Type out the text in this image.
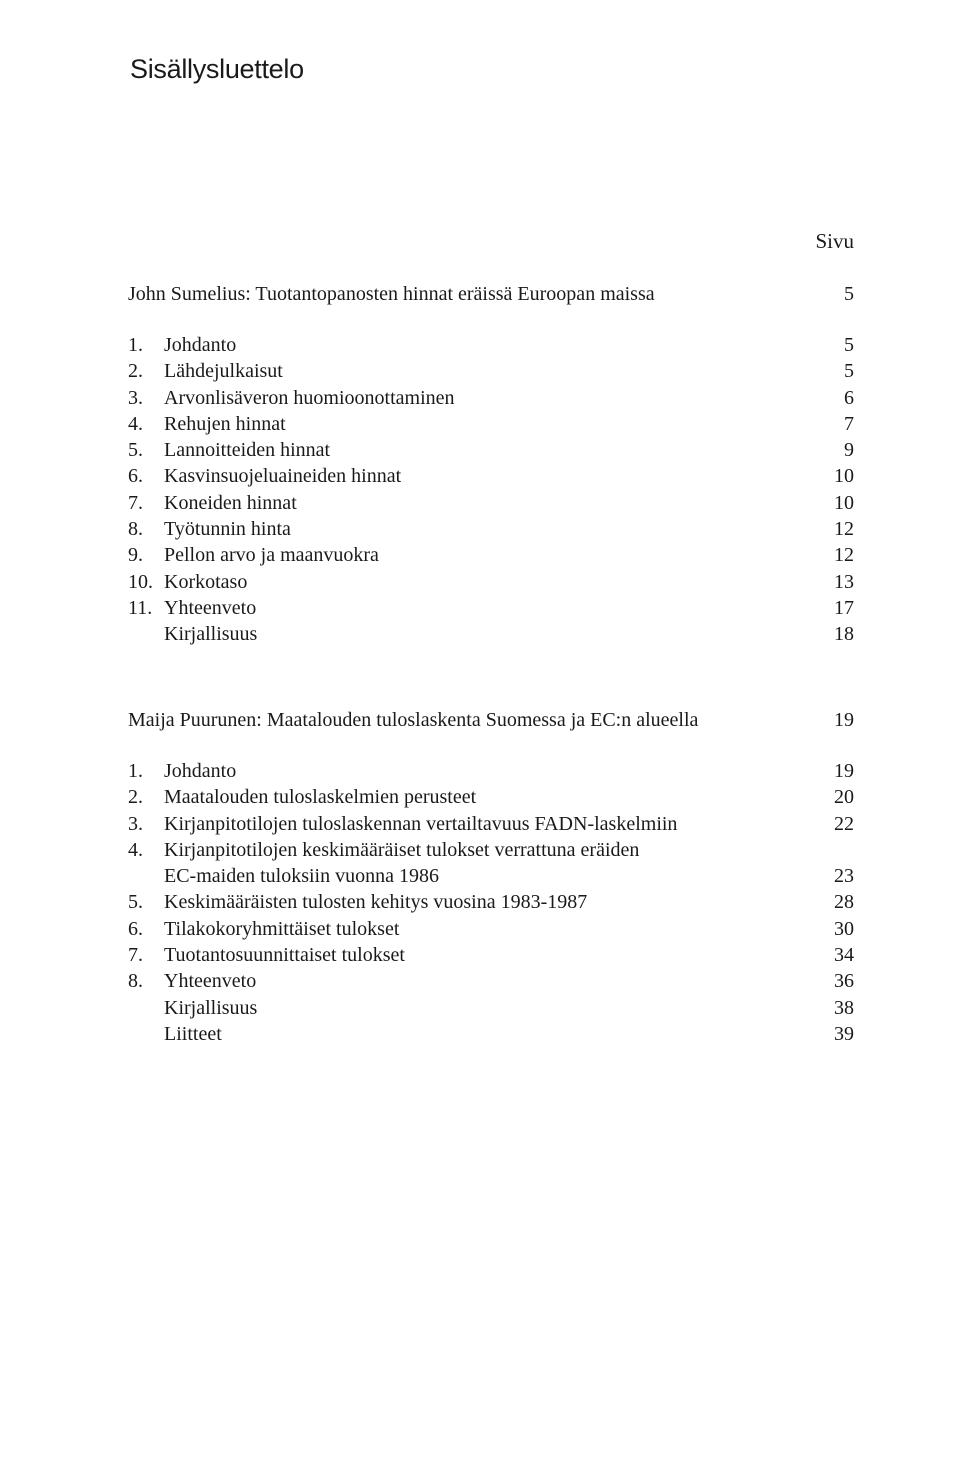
Sisällysluettelo
Sivu
John Sumelius: Tuotantopanosten hinnat eräissä Euroopan maissa	5
1.	Johdanto	5
2.	Lähdejulkaisut	5
3.	Arvonlisäveron huomioonottaminen	6
4.	Rehujen hinnat	7
5.	Lannoitteiden hinnat	9
6.	Kasvinsuojeluaineiden hinnat	10
7.	Koneiden hinnat	10
8.	Työtunnin hinta	12
9.	Pellon arvo ja maanvuokra	12
10. Korkotaso	13
11. Yhteenveto	17
Kirjallisuus	18
Maija Puurunen: Maatalouden tuloslaskenta Suomessa ja EC:n alueella	19
1.	Johdanto	19
2.	Maatalouden tuloslaskelmien perusteet	20
3.	Kirjanpitotilojen tuloslaskennan vertailtavuus FADN-laskelmiin	22
4.	Kirjanpitotilojen keskimääräiset tulokset verrattuna eräiden
EC-maiden tuloksiin vuonna 1986	23
5.	Keskimääräisten tulosten kehitys vuosina 1983-1987	28
6.	Tilakokoryhmittäiset tulokset	30
7.	Tuotantosuunnittaiset tulokset	34
8.	Yhteenveto	36
Kirjallisuus	38
Liitteet	39
